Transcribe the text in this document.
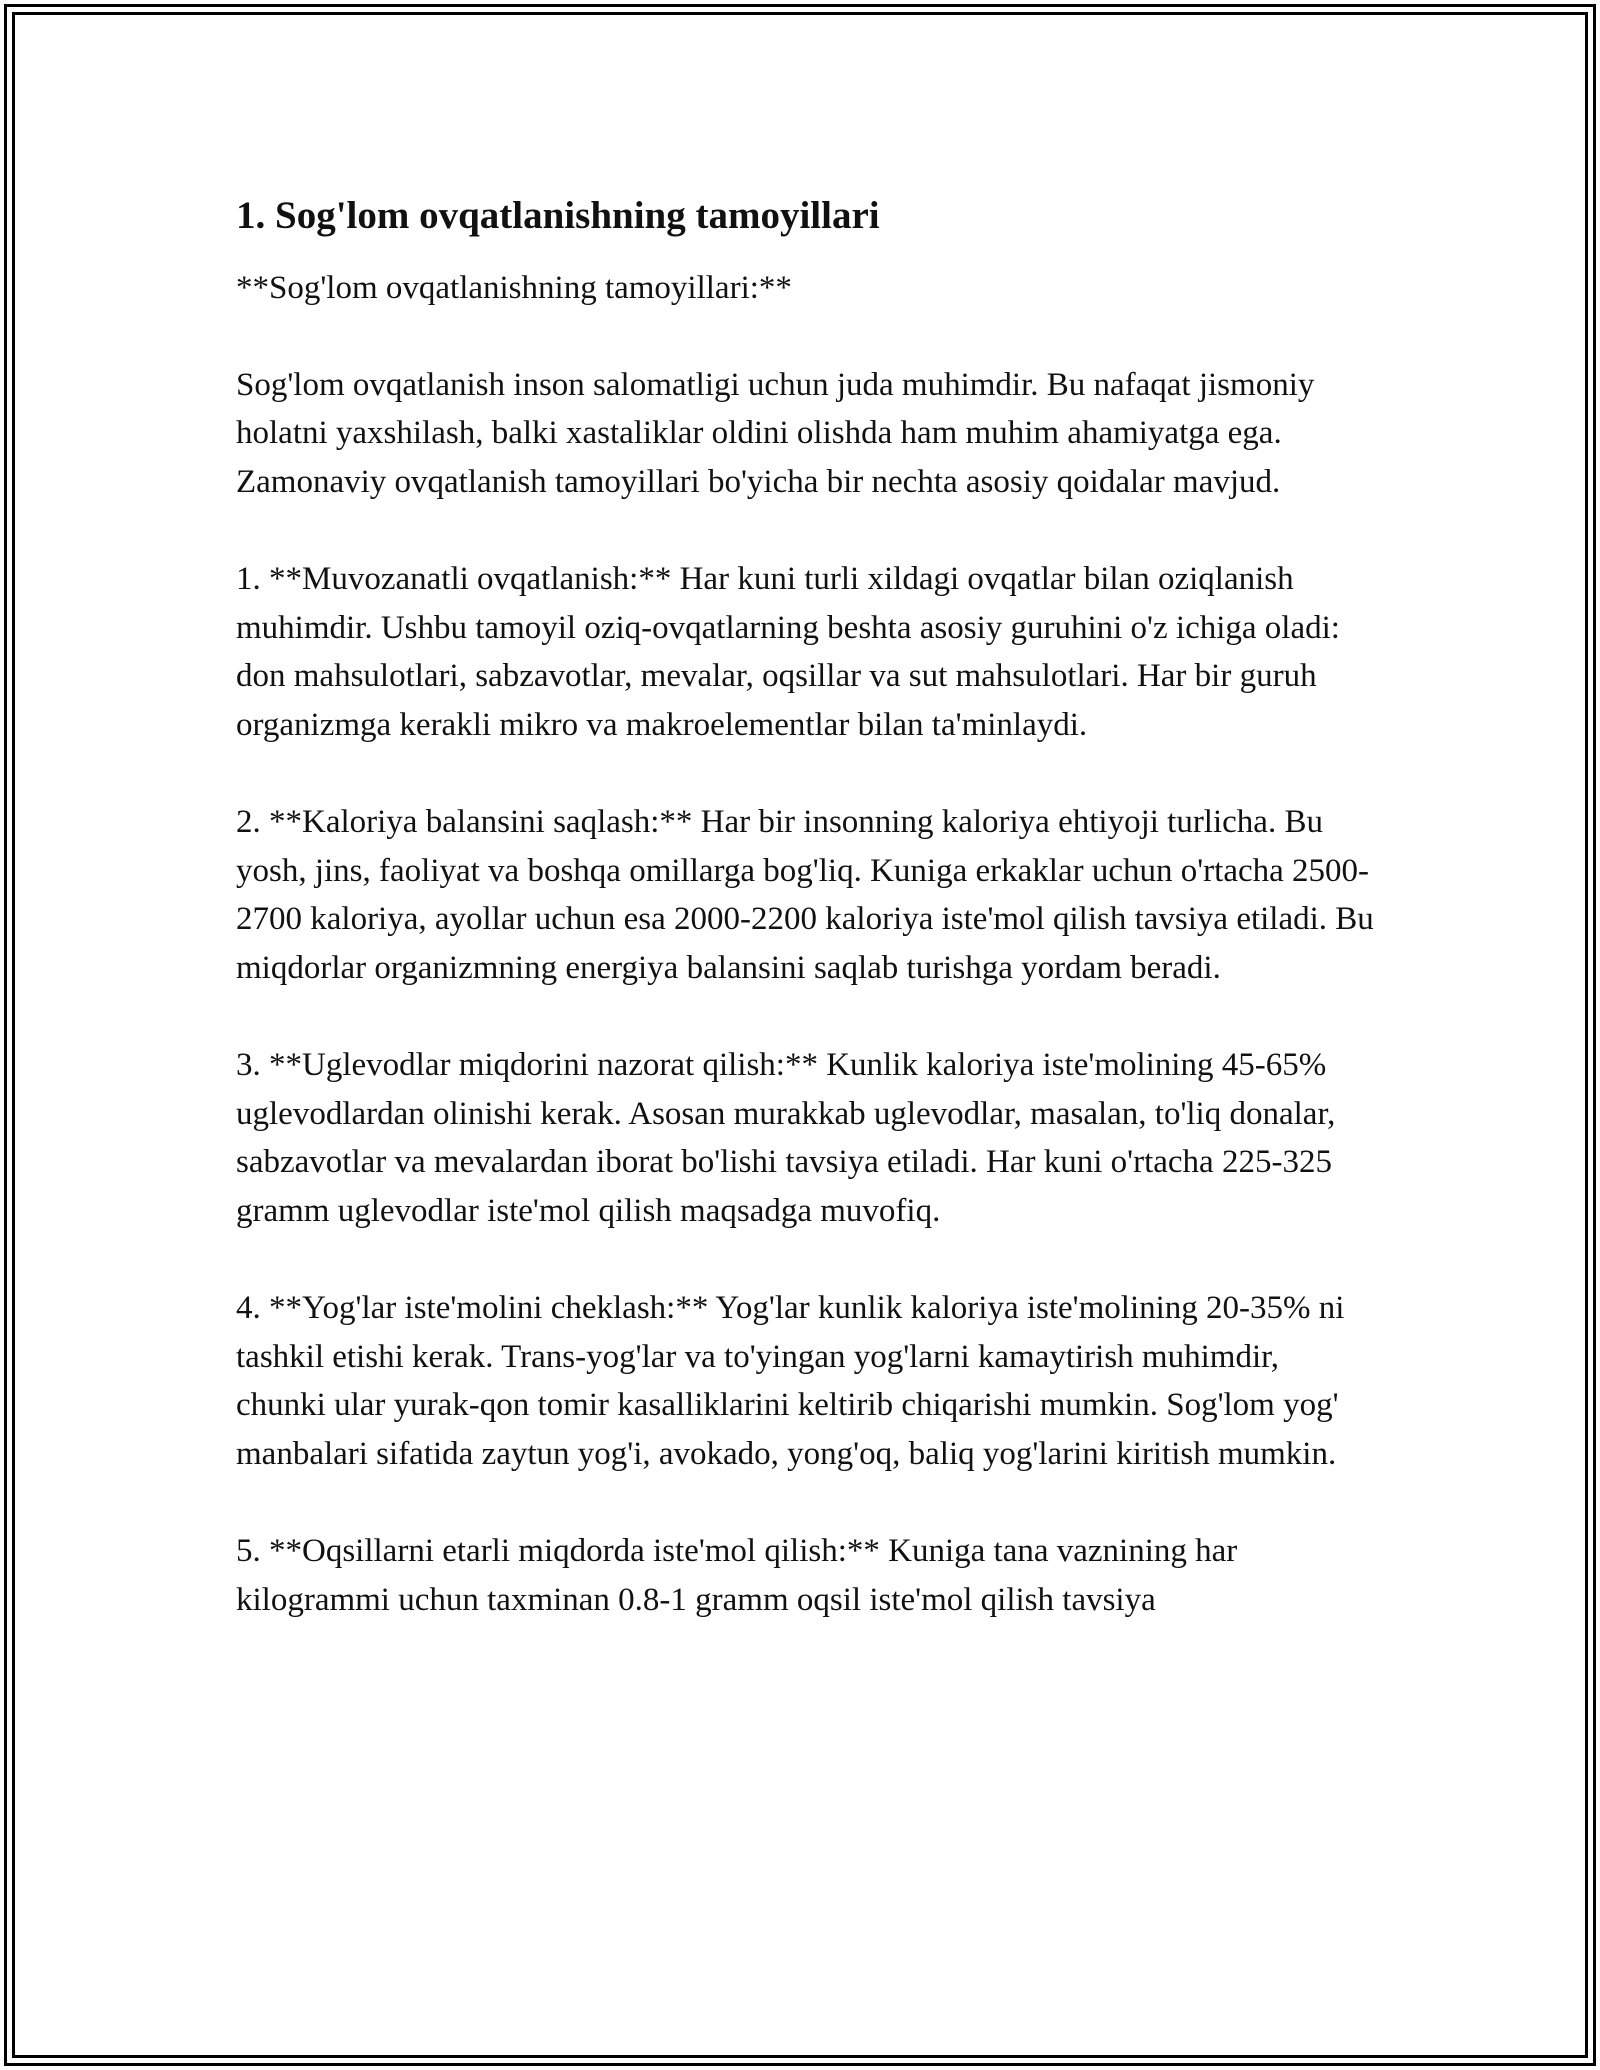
1. Sog'lom ovqatlanishning tamoyillari

**Sog'lom ovqatlanishning tamoyillari:**

Sog'lom ovqatlanish inson salomatligi uchun juda muhimdir. Bu nafaqat jismoniy holatni yaxshilash, balki xastaliklar oldini olishda ham muhim ahamiyatga ega. Zamonaviy ovqatlanish tamoyillari bo'yicha bir nechta asosiy qoidalar mavjud.

1. **Muvozanatli ovqatlanish:** Har kuni turli xildagi ovqatlar bilan oziqlanish muhimdir. Ushbu tamoyil oziq-ovqatlarning beshta asosiy guruhini o'z ichiga oladi: don mahsulotlari, sabzavotlar, mevalar, oqsillar va sut mahsulotlari. Har bir guruh organizmga kerakli mikro va makroelementlar bilan ta'minlaydi.

2. **Kaloriya balansini saqlash:** Har bir insonning kaloriya ehtiyoji turlicha. Bu yosh, jins, faoliyat va boshqa omillarga bog'liq. Kuniga erkaklar uchun o'rtacha 2500-2700 kaloriya, ayollar uchun esa 2000-2200 kaloriya iste'mol qilish tavsiya etiladi. Bu miqdorlar organizmning energiya balansini saqlab turishga yordam beradi.

3. **Uglevodlar miqdorini nazorat qilish:** Kunlik kaloriya iste'molining 45-65% uglevodlardan olinishi kerak. Asosan murakkab uglevodlar, masalan, to'liq donalar, sabzavotlar va mevalardan iborat bo'lishi tavsiya etiladi. Har kuni o'rtacha 225-325 gramm uglevodlar iste'mol qilish maqsadga muvofiq.

4. **Yog'lar iste'molini cheklash:** Yog'lar kunlik kaloriya iste'molining 20-35% ni tashkil etishi kerak. Trans-yog'lar va to'yingan yog'larni kamaytirish muhimdir, chunki ular yurak-qon tomir kasalliklarini keltirib chiqarishi mumkin. Sog'lom yog' manbalari sifatida zaytun yog'i, avokado, yong'oq, baliq yog'larini kiritish mumkin.

5. **Oqsillarni etarli miqdorda iste'mol qilish:** Kuniga tana vaznining har kilogrammi uchun taxminan 0.8-1 gramm oqsil iste'mol qilish tavsiya
